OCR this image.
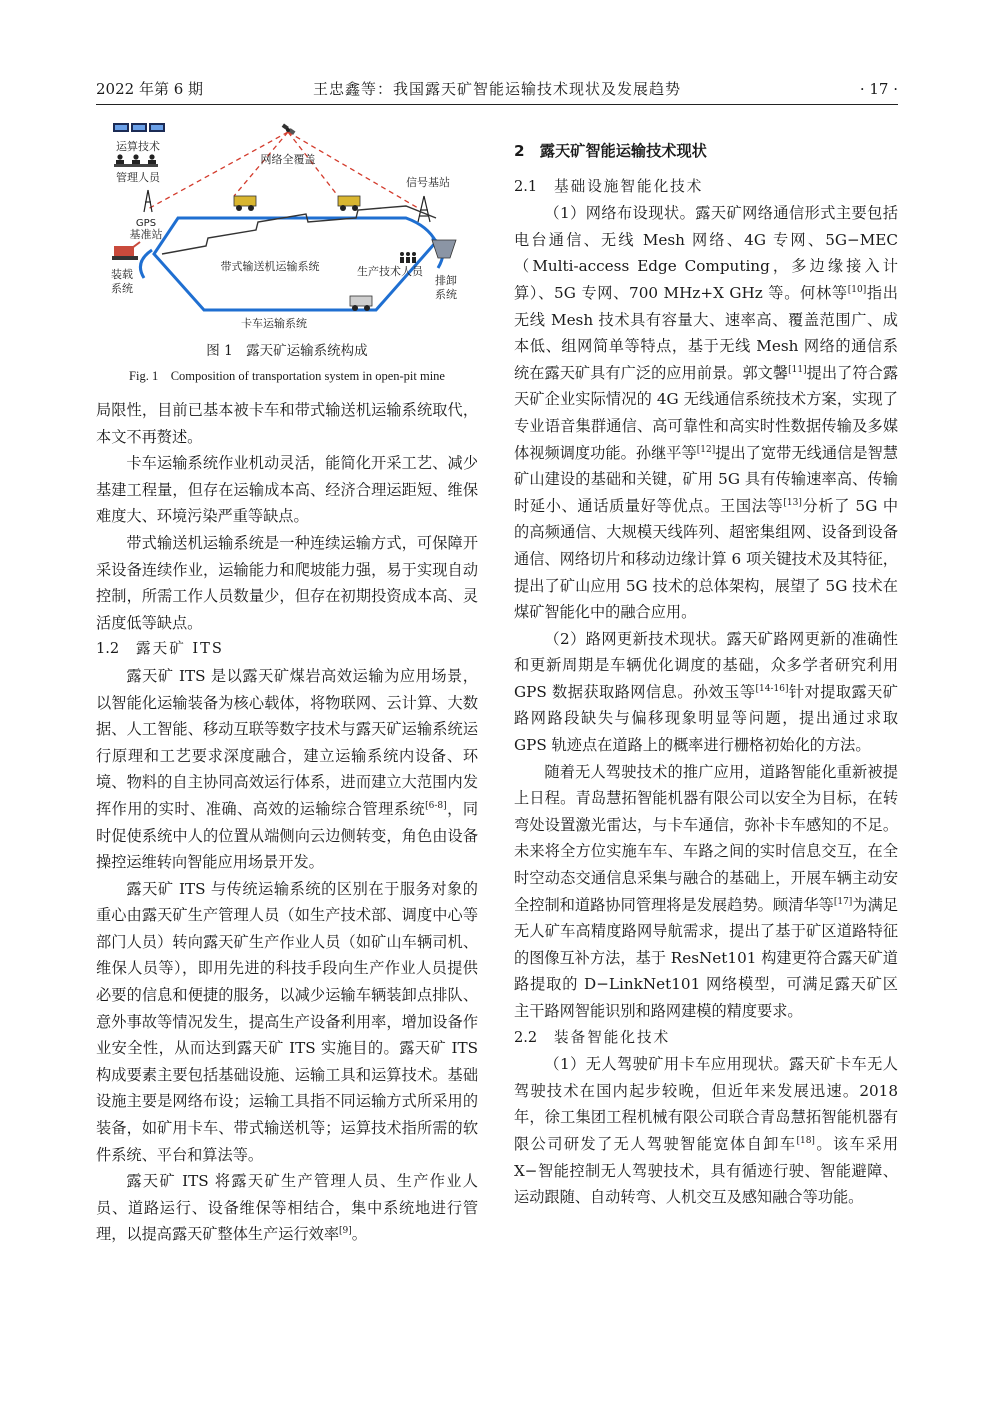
2022 年第 6 期	王忠鑫等：我国露天矿智能运输技术现状及发展趋势	· 17 ·
运算技术
管理人员
网络全覆盖
信号基站
GPS
基准站
装载
系统
排卸
系统
生产技术人员
带式输送机运输系统
卡车运输系统
图 1　露天矿运输系统构成
Fig. 1　Composition of transportation system in open-pit mine

局限性，目前已基本被卡车和带式输送机运输系统取代，本文不再赘述。

卡车运输系统作业机动灵活，能简化开采工艺、减少基建工程量，但存在运输成本高、经济合理运距短、维保难度大、环境污染严重等缺点。

带式输送机运输系统是一种连续运输方式，可保障开采设备连续作业，运输能力和爬坡能力强，易于实现自动控制，所需工作人员数量少，但存在初期投资成本高、灵活度低等缺点。

1.2 露天矿 ITS

露天矿 ITS 是以露天矿煤岩高效运输为应用场景，以智能化运输装备为核心载体，将物联网、云计算、大数据、人工智能、移动互联等数字技术与露天矿运输系统运行原理和工艺要求深度融合，建立运输系统内设备、环境、物料的自主协同高效运行体系，进而建立大范围内发挥作用的实时、准确、高效的运输综合管理系统[6-8]，同时促使系统中人的位置从端侧向云边侧转变，角色由设备操控运维转向智能应用场景开发。

露天矿 ITS 与传统运输系统的区别在于服务对象的重心由露天矿生产管理人员（如生产技术部、调度中心等部门人员）转向露天矿生产作业人员（如矿山车辆司机、维保人员等），即用先进的科技手段向生产作业人员提供必要的信息和便捷的服务，以减少运输车辆装卸点排队、意外事故等情况发生，提高生产设备利用率，增加设备作业安全性，从而达到露天矿 ITS 实施目的。露天矿 ITS 构成要素主要包括基础设施、运输工具和运算技术。基础设施主要是网络布设；运输工具指不同运输方式所采用的装备，如矿用卡车、带式输送机等；运算技术指所需的软件系统、平台和算法等。

露天矿 ITS 将露天矿生产管理人员、生产作业人员、道路运行、设备维保等相结合，集中系统地进行管理，以提高露天矿整体生产运行效率[9]。

2　露天矿智能运输技术现状
2.1 基础设施智能化技术

（1）网络布设现状。露天矿网络通信形式主要包括电台通信、无线 Mesh 网络、4G 专网、5G−MEC（Multi-access Edge Computing，多边缘接入计算）、5G 专网、700 MHz+X GHz 等。何林等[10]指出无线 Mesh 技术具有容量大、速率高、覆盖范围广、成本低、组网简单等特点，基于无线 Mesh 网络的通信系统在露天矿具有广泛的应用前景。郭文馨[11]提出了符合露天矿企业实际情况的 4G 无线通信系统技术方案，实现了专业语音集群通信、高可靠性和高实时性数据传输及多媒体视频调度功能。孙继平等[12]提出了宽带无线通信是智慧矿山建设的基础和关键，矿用 5G 具有传输速率高、传输时延小、通话质量好等优点。王国法等[13]分析了 5G 中的高频通信、大规模天线阵列、超密集组网、设备到设备通信、网络切片和移动边缘计算 6 项关键技术及其特征，提出了矿山应用 5G 技术的总体架构，展望了 5G 技术在煤矿智能化中的融合应用。

（2）路网更新技术现状。露天矿路网更新的准确性和更新周期是车辆优化调度的基础，众多学者研究利用 GPS 数据获取路网信息。孙效玉等[14-16]针对提取露天矿路网路段缺失与偏移现象明显等问题，提出通过求取 GPS 轨迹点在道路上的概率进行栅格初始化的方法。

随着无人驾驶技术的推广应用，道路智能化重新被提上日程。青岛慧拓智能机器有限公司以安全为目标，在转弯处设置激光雷达，与卡车通信，弥补卡车感知的不足。未来将全方位实施车车、车路之间的实时信息交互，在全时空动态交通信息采集与融合的基础上，开展车辆主动安全控制和道路协同管理将是发展趋势。顾清华等[17]为满足无人矿车高精度路网导航需求，提出了基于矿区道路特征的图像互补方法，基于 ResNet101 构建更符合露天矿道路提取的 D−LinkNet101 网络模型，可满足露天矿区主干路网智能识别和路网建模的精度要求。

2.2 装备智能化技术

（1）无人驾驶矿用卡车应用现状。露天矿卡车无人驾驶技术在国内起步较晚，但近年来发展迅速。2018 年，徐工集团工程机械有限公司联合青岛慧拓智能机器有限公司研发了无人驾驶智能宽体自卸车[18]。该车采用 X−智能控制无人驾驶技术，具有循迹行驶、智能避障、运动跟随、自动转弯、人机交互及感知融合等功能。
